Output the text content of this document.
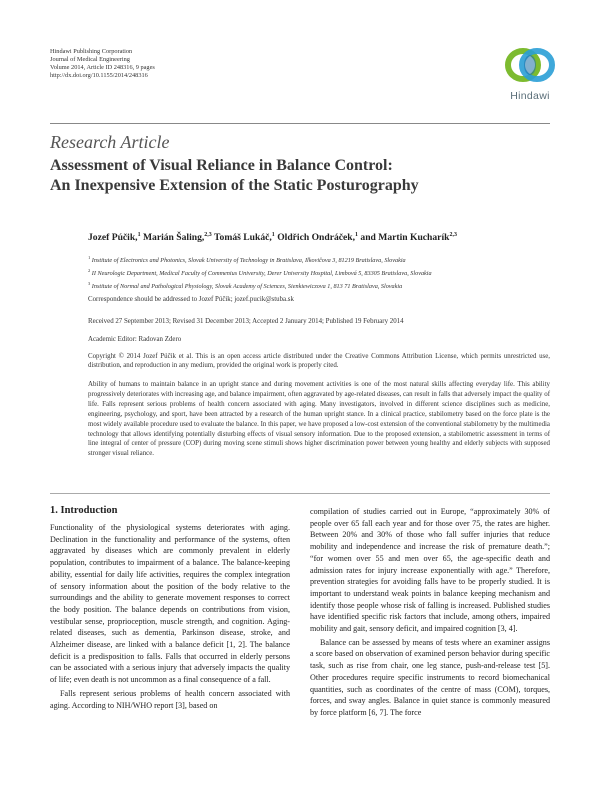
Hindawi Publishing Corporation
Journal of Medical Engineering
Volume 2014, Article ID 248316, 9 pages
http://dx.doi.org/10.1155/2014/248316
Hindawi
Research Article
Assessment of Visual Reliance in Balance Control:
An Inexpensive Extension of the Static Posturography
Jozef Púčik,$^1$ Marián Šaling,$^{2,3}$ Tomáš Lukáč,$^1$ Oldřich Ondráček,$^1$ and Martin Kucharík$^{2,3}$
$^1$ Institute of Electronics and Photonics, Slovak University of Technology in Bratislava, Ilkovičova 3, 81219 Bratislava, Slovakia
$^2$ II Neurologic Department, Medical Faculty of Commenius University, Derer University Hospital, Limbová 5, 83305 Bratislava, Slovakia
$^3$ Institute of Normal and Pathological Physiology, Slovak Academy of Sciences, Sienkiewiczova 1, 813 71 Bratislava, Slovakia
Correspondence should be addressed to Jozef Púčik; jozef.pucik@stuba.sk
Received 27 September 2013; Revised 31 December 2013; Accepted 2 January 2014; Published 19 February 2014
Academic Editor: Radovan Zdero
Copyright © 2014 Jozef Púčik et al. This is an open access article distributed under the Creative Commons Attribution License, which permits unrestricted use, distribution, and reproduction in any medium, provided the original work is properly cited.
Ability of humans to maintain balance in an upright stance and during movement activities is one of the most natural skills affecting everyday life. This ability progressively deteriorates with increasing age, and balance impairment, often aggravated by age-related diseases, can result in falls that adversely impact the quality of life. Falls represent serious problems of health concern associated with aging. Many investigators, involved in different science disciplines such as medicine, engineering, psychology, and sport, have been attracted by a research of the human upright stance. In a clinical practice, stabilometry based on the force plate is the most widely available procedure used to evaluate the balance. In this paper, we have proposed a low-cost extension of the conventional stabilometry by the multimedia technology that allows identifying potentially disturbing effects of visual sensory information. Due to the proposed extension, a stabilometric assessment in terms of line integral of center of pressure (COP) during moving scene stimuli shows higher discrimination power between young healthy and elderly subjects with supposed stronger visual reliance.
1. Introduction

Functionality of the physiological systems deteriorates with aging. Declination in the functionality and performance of the systems, often aggravated by diseases which are commonly prevalent in elderly population, contributes to impairment of a balance. The balance-keeping ability, essential for daily life activities, requires the complex integration of sensory information about the position of the body relative to the surroundings and the ability to generate movement responses to correct the body position. The balance depends on contributions from vision, vestibular sense, proprioception, muscle strength, and cognition. Aging-related diseases, such as dementia, Parkinson disease, stroke, and Alzheimer disease, are linked with a balance deficit [1, 2]. The balance deficit is a predisposition to falls. Falls that occurred in elderly persons can be associated with a serious injury that adversely impacts the quality of life; even death is not uncommon as a final consequence of a fall.

Falls represent serious problems of health concern associated with aging. According to NIH/WHO report [3], based on

compilation of studies carried out in Europe, “approximately 30% of people over 65 fall each year and for those over 75, the rates are higher. Between 20% and 30% of those who fall suffer injuries that reduce mobility and independence and increase the risk of premature death.”; “for women over 55 and men over 65, the age-specific death and admission rates for injury increase exponentially with age.” Therefore, prevention strategies for avoiding falls have to be properly studied. It is important to understand weak points in balance keeping mechanism and identify those people whose risk of falling is increased. Published studies have identified specific risk factors that include, among others, impaired mobility and gait, sensory deficit, and impaired cognition [3, 4].

Balance can be assessed by means of tests where an examiner assigns a score based on observation of examined person behavior during specific task, such as rise from chair, one leg stance, push-and-release test [5]. Other procedures require specific instruments to record biomechanical quantities, such as coordinates of the centre of mass (COM), torques, forces, and sway angles. Balance in quiet stance is commonly measured by force platform [6, 7]. The force
